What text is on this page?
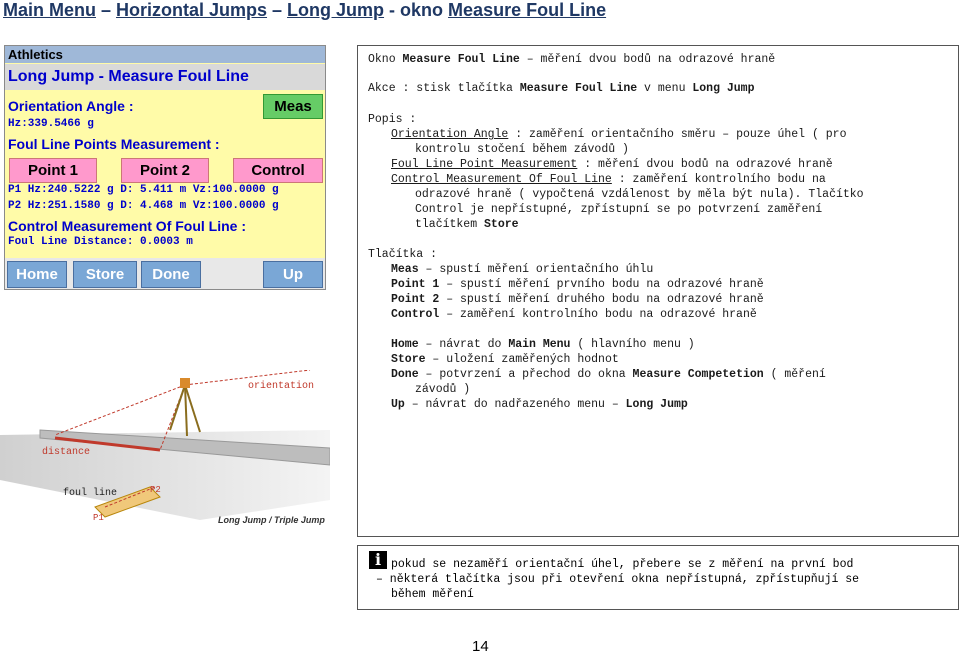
Main Menu – Horizontal Jumps – Long Jump - okno Measure Foul Line
Athletics
Long Jump - Measure Foul Line
Orientation Angle :	Meas
Hz:339.5466 g
Foul Line Points Measurement :
Point 1	Point 2	Control
P1 Hz:240.5222 g D: 5.411 m Vz:100.0000 g
P2 Hz:251.1580 g D: 4.468 m Vz:100.0000 g
Control Measurement Of Foul Line :
Foul Line Distance: 0.0003 m
Home	Store	Done	Up
orientation
distance
foul line
P1
P2
Long Jump / Triple Jump
Okno Measure Foul Line – měření dvou bodů na odrazové hraně
Akce : stisk tlačítka Measure Foul Line v menu Long Jump
Popis :
Orientation Angle : zaměření orientačního směru – pouze úhel ( pro
kontrolu stočení během závodů )
Foul Line Point Measurement : měření dvou bodů na odrazové hraně
Control Measurement Of Foul Line : zaměření kontrolního bodu na
odrazové hraně ( vypočtená vzdálenost by měla být nula). Tlačítko
Control je nepřístupné, zpřístupní se po potvrzení zaměření
tlačítkem Store
Tlačítka :
Meas – spustí měření orientačního úhlu
Point 1 – spustí měření prvního bodu na odrazové hraně
Point 2 – spustí měření druhého bodu na odrazové hraně
Control – zaměření kontrolního bodu na odrazové hraně
Home – návrat do Main Menu ( hlavního menu )
Store – uložení zaměřených hodnot
Done – potvrzení a přechod do okna Measure Competetion ( měření
závodů )
Up – návrat do nadřazeného menu – Long Jump
i pokud se nezaměří orientační úhel, přebere se z měření na první bod
– některá tlačítka jsou při otevření okna nepřístupná, zpřístupňují se
během měření
14
